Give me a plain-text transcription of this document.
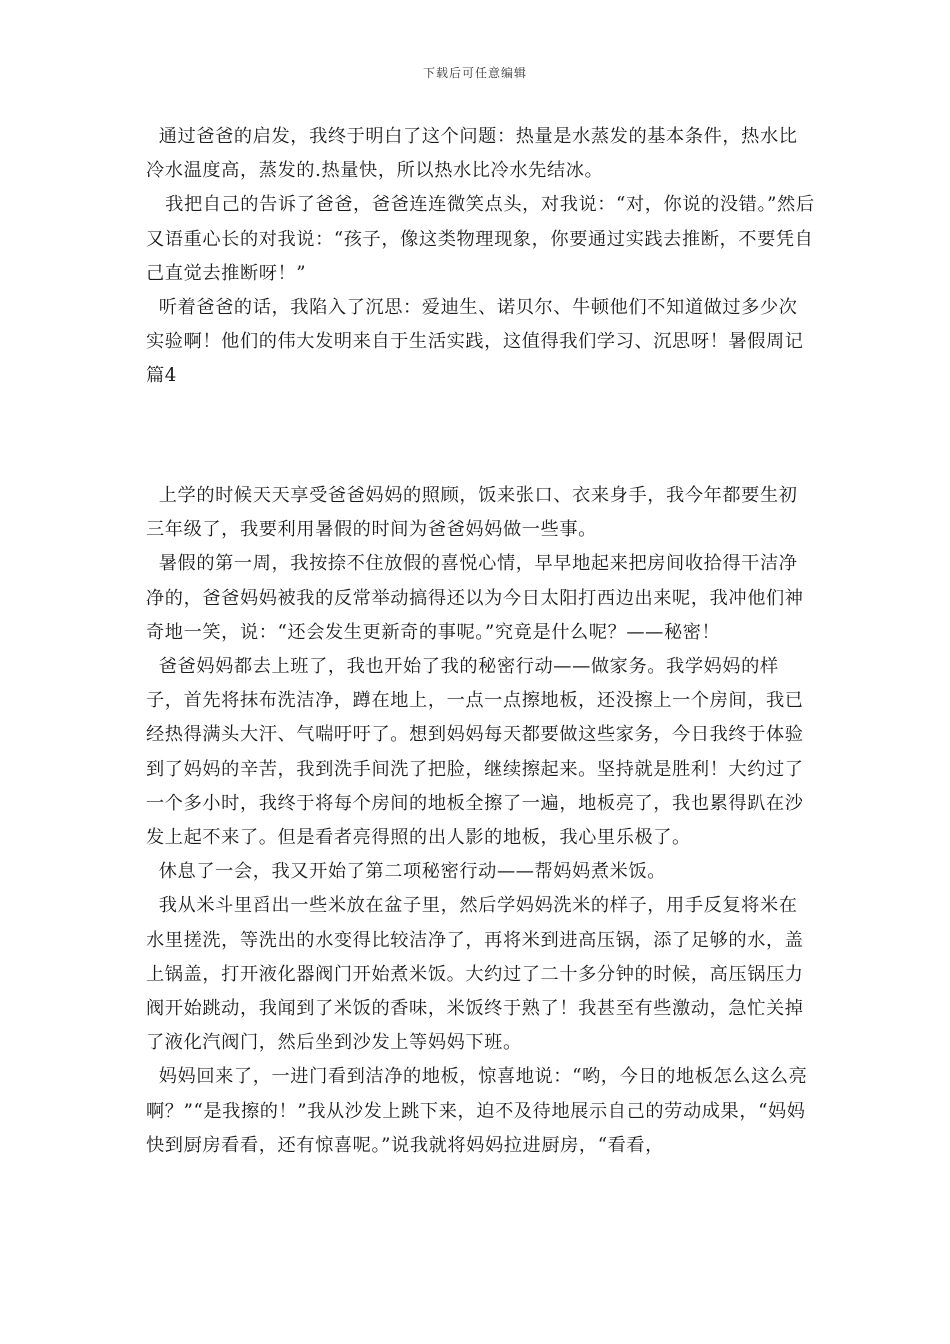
下载后可任意编辑

通过爸爸的启发，我终于明白了这个问题：热量是水蒸发的基本条件，热水比冷水温度高，蒸发的.热量快，所以热水比冷水先结冰。

我把自己的告诉了爸爸，爸爸连连微笑点头，对我说：“对，你说的没错。”然后又语重心长的对我说：“孩子，像这类物理现象，你要通过实践去推断，不要凭自己直觉去推断呀！”

听着爸爸的话，我陷入了沉思：爱迪生、诺贝尔、牛顿他们不知道做过多少次实验啊！他们的伟大发明来自于生活实践，这值得我们学习、沉思呀！暑假周记  篇4

上学的时候天天享受爸爸妈妈的照顾，饭来张口、衣来身手，我今年都要生初三年级了，我要利用暑假的时间为爸爸妈妈做一些事。

暑假的第一周，我按捺不住放假的喜悦心情，早早地起来把房间收拾得干洁净净的，爸爸妈妈被我的反常举动搞得还以为今日太阳打西边出来呢，我冲他们神奇地一笑，说：“还会发生更新奇的事呢。”究竟是什么呢？——秘密！

爸爸妈妈都去上班了，我也开始了我的秘密行动——做家务。我学妈妈的样子，首先将抹布洗洁净，蹲在地上，一点一点擦地板，还没擦上一个房间，我已经热得满头大汗、气喘吁吁了。想到妈妈每天都要做这些家务，今日我终于体验到了妈妈的辛苦，我到洗手间洗了把脸，继续擦起来。坚持就是胜利！大约过了一个多小时，我终于将每个房间的地板全擦了一遍，地板亮了，我也累得趴在沙发上起不来了。但是看者亮得照的出人影的地板，我心里乐极了。

休息了一会，我又开始了第二项秘密行动——帮妈妈煮米饭。

我从米斗里舀出一些米放在盆子里，然后学妈妈洗米的样子，用手反复将米在水里搓洗，等洗出的水变得比较洁净了，再将米到进高压锅，添了足够的水，盖上锅盖，打开液化器阀门开始煮米饭。大约过了二十多分钟的时候，高压锅压力阀开始跳动，我闻到了米饭的香味，米饭终于熟了！我甚至有些激动，急忙关掉了液化汽阀门，然后坐到沙发上等妈妈下班。

妈妈回来了，一进门看到洁净的地板，惊喜地说：“哟，今日的地板怎么这么亮啊？”“是我擦的！”我从沙发上跳下来，迫不及待地展示自己的劳动成果，“妈妈快到厨房看看，还有惊喜呢。”说我就将妈妈拉进厨房，“看看，
